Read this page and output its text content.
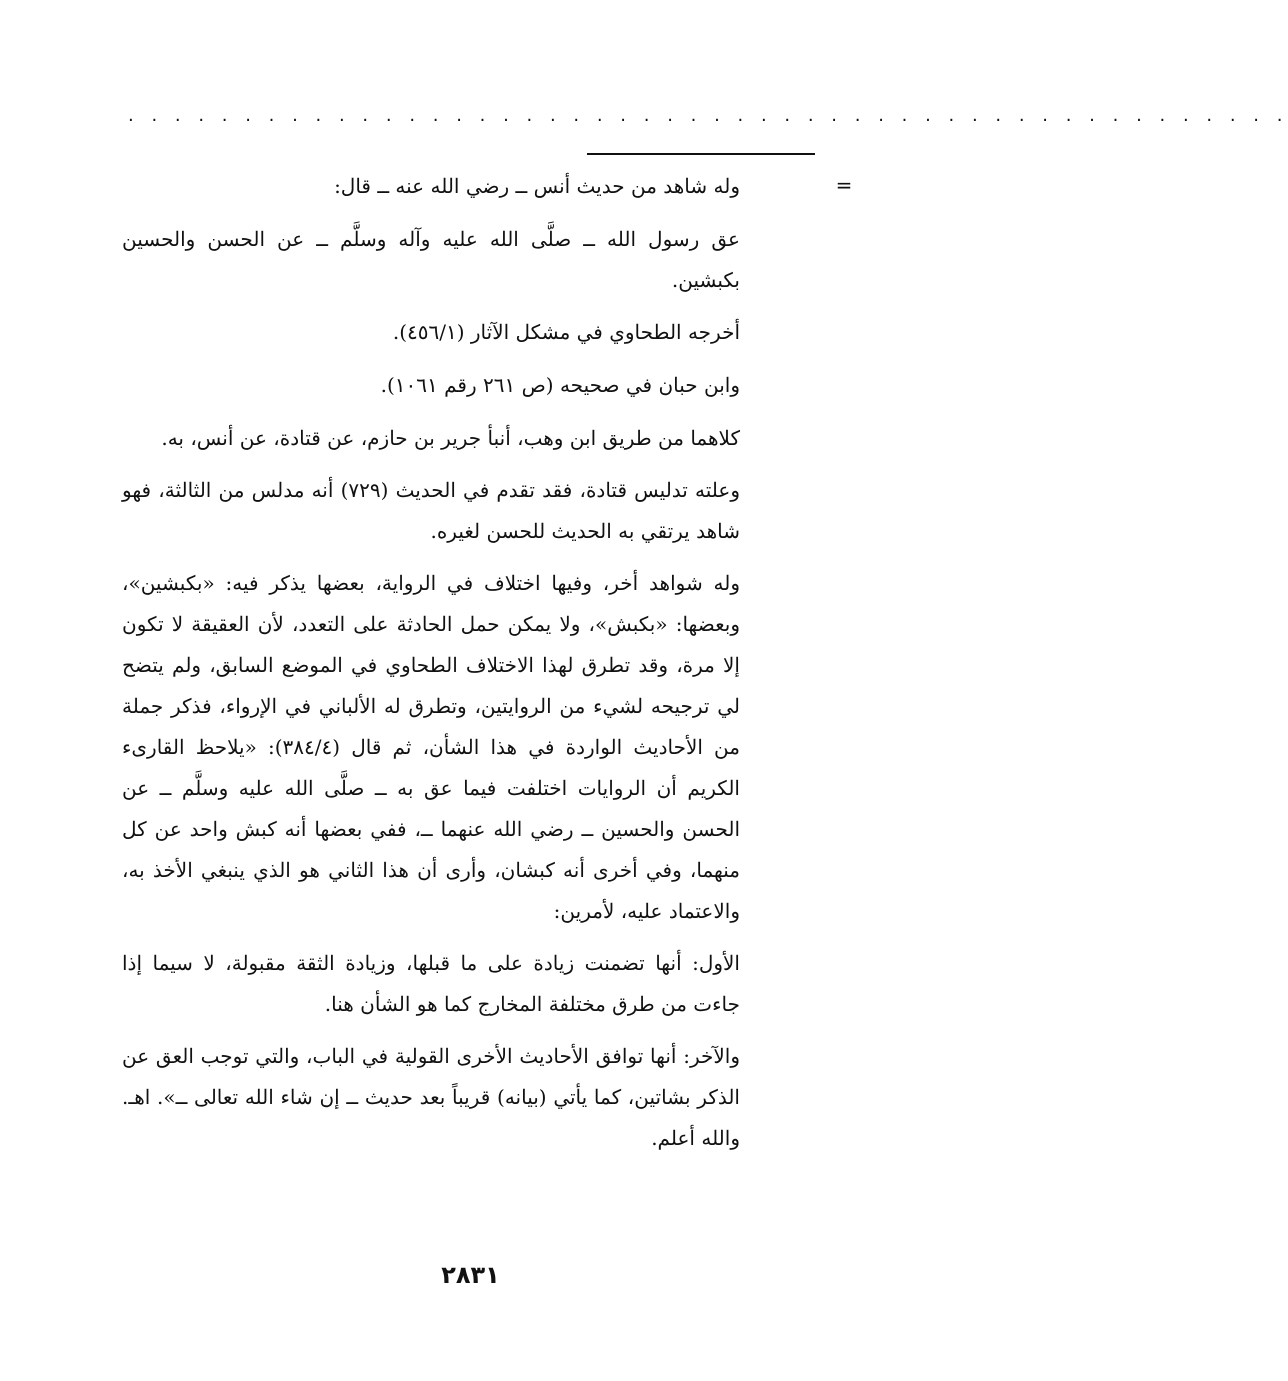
. . . . . . . . . . . . . . . . . . . . . . . . . . . . . . . . . . . . . . . . . . . . . . . . . .
=

وله شاهد من حديث أنس ــ رضي الله عنه ــ قال:

عق رسول الله ــ صلَّى الله عليه وآله وسلَّم ــ عن الحسن والحسين بكبشين.

أخرجه الطحاوي في مشكل الآثار (٤٥٦/١).

وابن حبان في صحيحه (ص ٢٦١ رقم ١٠٦١).

كلاهما من طريق ابن وهب، أنبأ جرير بن حازم، عن قتادة، عن أنس، به.

وعلته تدليس قتادة، فقد تقدم في الحديث (٧٢٩) أنه مدلس من الثالثة، فهو شاهد يرتقي به الحديث للحسن لغيره.

وله شواهد أخر، وفيها اختلاف في الرواية، بعضها يذكر فيه: «بكبشين»، وبعضها: «بكبش»، ولا يمكن حمل الحادثة على التعدد، لأن العقيقة لا تكون إلا مرة، وقد تطرق لهذا الاختلاف الطحاوي في الموضع السابق، ولم يتضح لي ترجيحه لشيء من الروايتين، وتطرق له الألباني في الإرواء، فذكر جملة من الأحاديث الواردة في هذا الشأن، ثم قال (٣٨٤/٤): «يلاحظ القارىء الكريم أن الروايات اختلفت فيما عق به ــ صلَّى الله عليه وسلَّم ــ عن الحسن والحسين ــ رضي الله عنهما ــ، ففي بعضها أنه كبش واحد عن كل منهما، وفي أخرى أنه كبشان، وأرى أن هذا الثاني هو الذي ينبغي الأخذ به، والاعتماد عليه، لأمرين:

الأول: أنها تضمنت زيادة على ما قبلها، وزيادة الثقة مقبولة، لا سيما إذا جاءت من طرق مختلفة المخارج كما هو الشأن هنا.

والآخر: أنها توافق الأحاديث الأخرى القولية في الباب، والتي توجب العق عن الذكر بشاتين، كما يأتي (بيانه) قريباً بعد حديث ــ إن شاء الله تعالى ــ». اهـ. والله أعلم.

٢٨٣١
